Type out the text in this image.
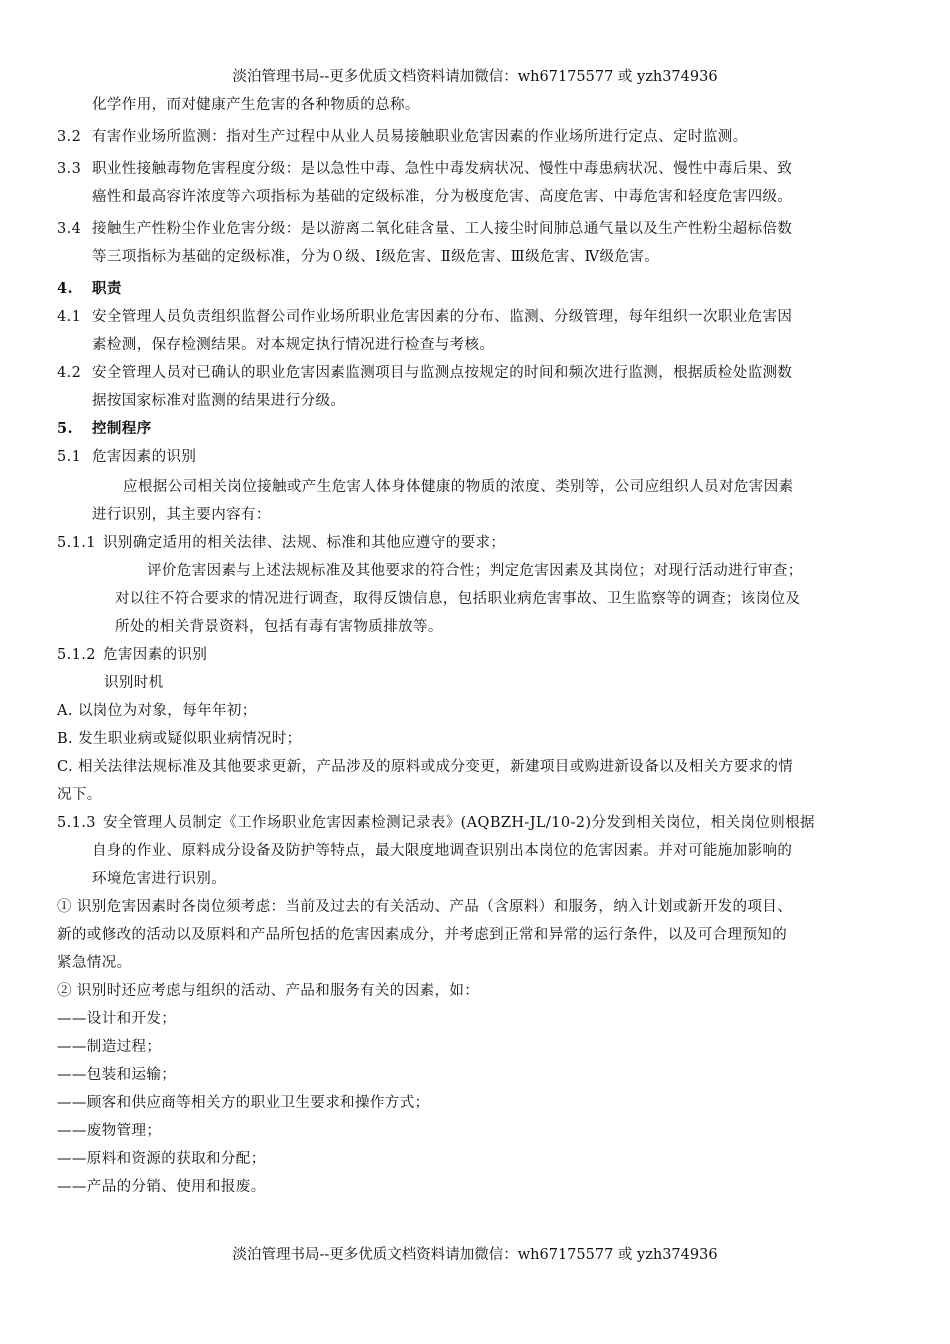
淡泊管理书局--更多优质文档资料请加微信：wh67175577 或 yzh374936

化学作用，而对健康产生危害的各种物质的总称。

3.2 有害作业场所监测：指对生产过程中从业人员易接触职业危害因素的作业场所进行定点、定时监测。

3.3 职业性接触毒物危害程度分级：是以急性中毒、急性中毒发病状况、慢性中毒患病状况、慢性中毒后果、致

癌性和最高容许浓度等六项指标为基础的定级标准，分为极度危害、高度危害、中毒危害和轻度危害四级。

3.4 接触生产性粉尘作业危害分级：是以游离二氧化硅含量、工人接尘时间肺总通气量以及生产性粉尘超标倍数

等三项指标为基础的定级标准，分为０级、Ⅰ级危害、Ⅱ级危害、Ⅲ级危害、Ⅳ级危害。

4. 职责

4.1 安全管理人员负责组织监督公司作业场所职业危害因素的分布、监测、分级管理，每年组织一次职业危害因

素检测，保存检测结果。对本规定执行情况进行检查与考核。

4.2 安全管理人员对已确认的职业危害因素监测项目与监测点按规定的时间和频次进行监测，根据质检处监测数

据按国家标准对监测的结果进行分级。

5. 控制程序

5.1 危害因素的识别

应根据公司相关岗位接触或产生危害人体身体健康的物质的浓度、类别等，公司应组织人员对危害因素

进行识别，其主要内容有：

5.1.1 识别确定适用的相关法律、法规、标准和其他应遵守的要求；

评价危害因素与上述法规标准及其他要求的符合性；判定危害因素及其岗位；对现行活动进行审查；

对以往不符合要求的情况进行调查，取得反馈信息，包括职业病危害事故、卫生监察等的调查；该岗位及

所处的相关背景资料，包括有毒有害物质排放等。

5.1.2 危害因素的识别

识别时机

A. 以岗位为对象，每年年初；

B. 发生职业病或疑似职业病情况时；

C. 相关法律法规标准及其他要求更新，产品涉及的原料或成分变更，新建项目或购进新设备以及相关方要求的情

况下。

5.1.3 安全管理人员制定《工作场职业危害因素检测记录表》(AQBZH-JL/10-2)分发到相关岗位，相关岗位则根据

自身的作业、原料成分设备及防护等特点，最大限度地调查识别出本岗位的危害因素。并对可能施加影响的

环境危害进行识别。

① 识别危害因素时各岗位须考虑：当前及过去的有关活动、产品（含原料）和服务，纳入计划或新开发的项目、

新的或修改的活动以及原料和产品所包括的危害因素成分，并考虑到正常和异常的运行条件，以及可合理预知的

紧急情况。

② 识别时还应考虑与组织的活动、产品和服务有关的因素，如：

——设计和开发；

——制造过程；

——包装和运输；

——顾客和供应商等相关方的职业卫生要求和操作方式；

——废物管理；

——原料和资源的获取和分配；

——产品的分销、使用和报废。

淡泊管理书局--更多优质文档资料请加微信：wh67175577 或 yzh374936
